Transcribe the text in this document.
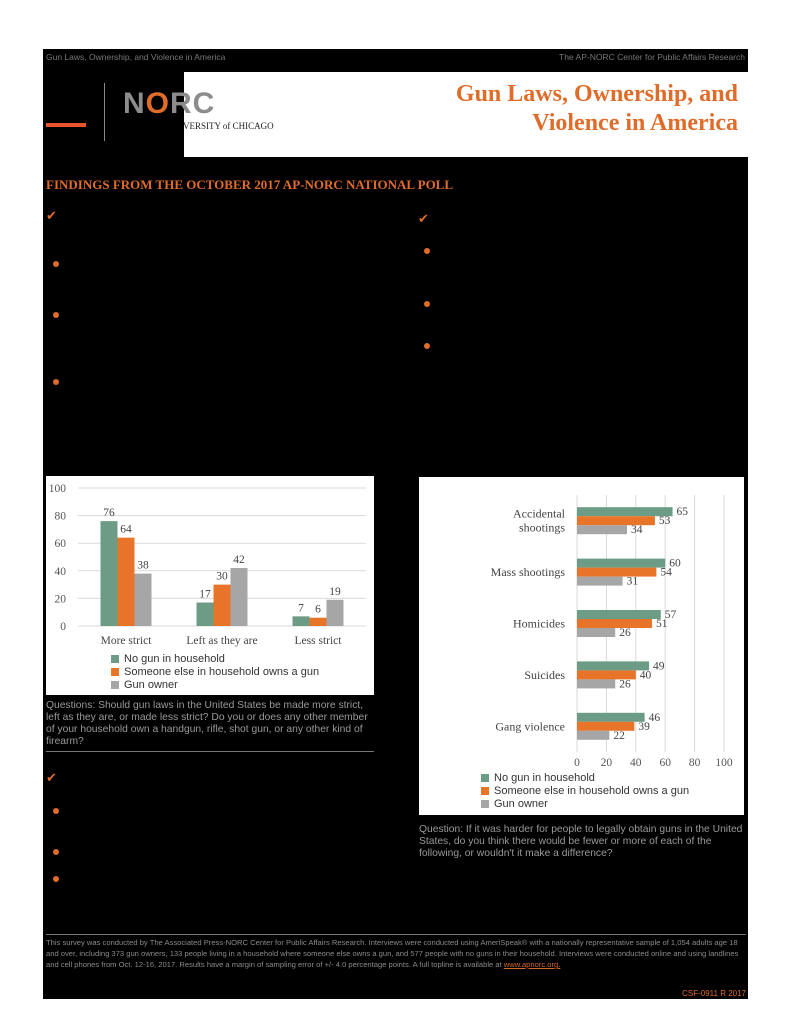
Gun Laws, Ownership, and Violence in America	The AP-NORC Center for Public Affairs Research
Gun Laws, Ownership, and
Violence in America
NORC
VERSITY of CHICAGO
FINDINGS FROM THE OCTOBER 2017 AP-NORC NATIONAL POLL
✔	✔
✔
0
20
40
60
80
100
76
64
38
More strict
17
30
42
Left as they are
7 6
19
Less strict
No gun in household
Someone else in household owns a gun
Gun owner
Questions: Should gun laws in the United States be made more strict, left as they are, or made less strict? Do you or does any other member of your household own a handgun, rifle, shot gun, or any other kind of firearm?
0 20 40 60 80 100
65
53
34
Accidental
shootings
60
54
31
Mass shootings
57
51
26
Homicides
49
40
26
Suicides
46
39
22
Gang violence
No gun in household
Someone else in household owns a gun
Gun owner
Question: If it was harder for people to legally obtain guns in the United States, do you think there would be fewer or more of each of the following, or wouldn't it make a difference?
This survey was conducted by The Associated Press-NORC Center for Public Affairs Research. Interviews were conducted using AmeriSpeak® with a nationally representative sample of 1,054 adults age 18 and over, including 373 gun owners, 133 people living in a household where someone else owns a gun, and 577 people with no guns in their household. Interviews were conducted online and using landlines and cell phones from Oct. 12-16, 2017. Results have a margin of sampling error of +/- 4.0 percentage points. A full topline is available at www.apnorc.org.
CSF-0911 R 2017
